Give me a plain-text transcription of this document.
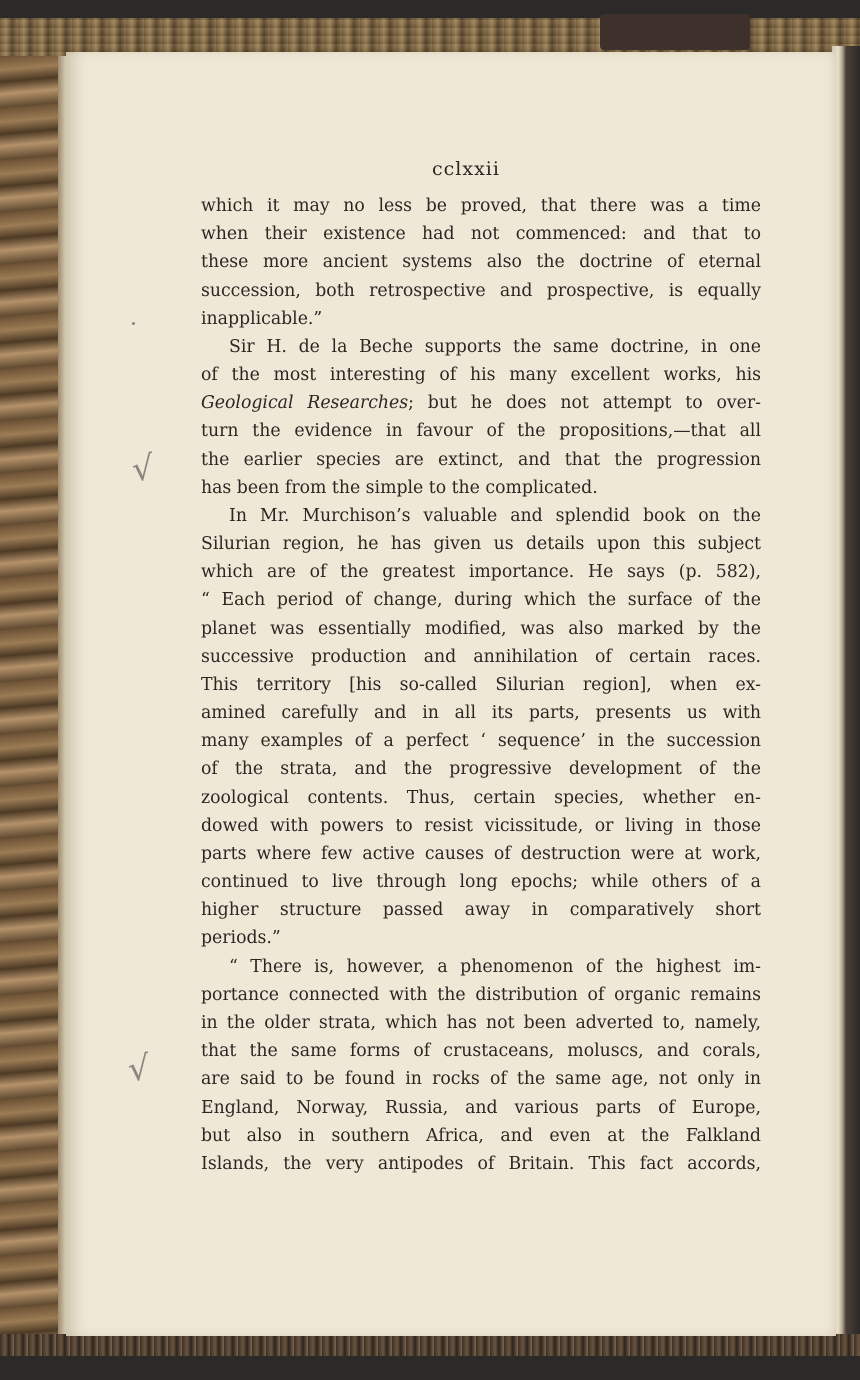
cclxxii
√
√

which it may no less be proved, that there was a time

when their existence had not commenced: and that to

these more ancient systems also the doctrine of eternal

succession, both retrospective and prospective, is equally

inapplicable.”

Sir H. de la Beche supports the same doctrine, in one

of the most interesting of his many excellent works, his

Geological Researches; but he does not attempt to over-

turn the evidence in favour of the propositions,—that all

the earlier species are extinct, and that the progression

has been from the simple to the complicated.

In Mr. Murchison’s valuable and splendid book on the

Silurian region, he has given us details upon this subject

which are of the greatest importance. He says (p. 582),

“ Each period of change, during which the surface of the

planet was essentially modified, was also marked by the

successive production and annihilation of certain races.

This territory [his so-called Silurian region], when ex-

amined carefully and in all its parts, presents us with

many examples of a perfect ‘ sequence’ in the succession

of the strata, and the progressive development of the

zoological contents. Thus, certain species, whether en-

dowed with powers to resist vicissitude, or living in those

parts where few active causes of destruction were at work,

continued to live through long epochs; while others of a

higher structure passed away in comparatively short

periods.”

“ There is, however, a phenomenon of the highest im-

portance connected with the distribution of organic remains

in the older strata, which has not been adverted to, namely,

that the same forms of crustaceans, moluscs, and corals,

are said to be found in rocks of the same age, not only in

England, Norway, Russia, and various parts of Europe,

but also in southern Africa, and even at the Falkland

Islands, the very antipodes of Britain. This fact accords,
